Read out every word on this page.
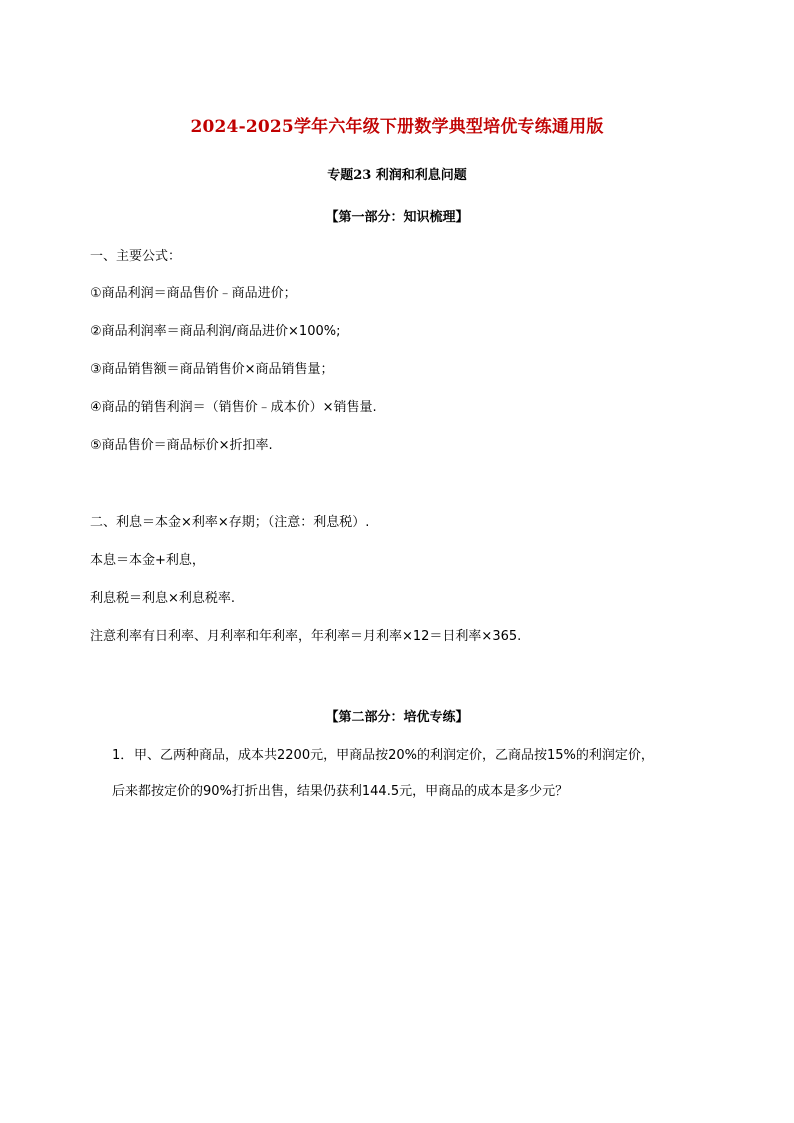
2024-2025学年六年级下册数学典型培优专练通用版
专题23 利润和利息问题
【第一部分：知识梳理】
一、主要公式：
①商品利润＝商品售价﹣商品进价；
②商品利润率＝商品利润/商品进价×100%;
③商品销售额＝商品销售价×商品销售量；
④商品的销售利润＝（销售价﹣成本价）×销售量.
⑤商品售价＝商品标价×折扣率.
二、利息＝本金×利率×存期；（注意：利息税）.
本息＝本金+利息，
利息税＝利息×利息税率.
注意利率有日利率、月利率和年利率，年利率＝月利率×12＝日利率×365.
【第二部分：培优专练】
1． 甲、乙两种商品，成本共2200元，甲商品按20%的利润定价，乙商品按15%的利润定价，
后来都按定价的90%打折出售，结果仍获利144.5元，甲商品的成本是多少元？
